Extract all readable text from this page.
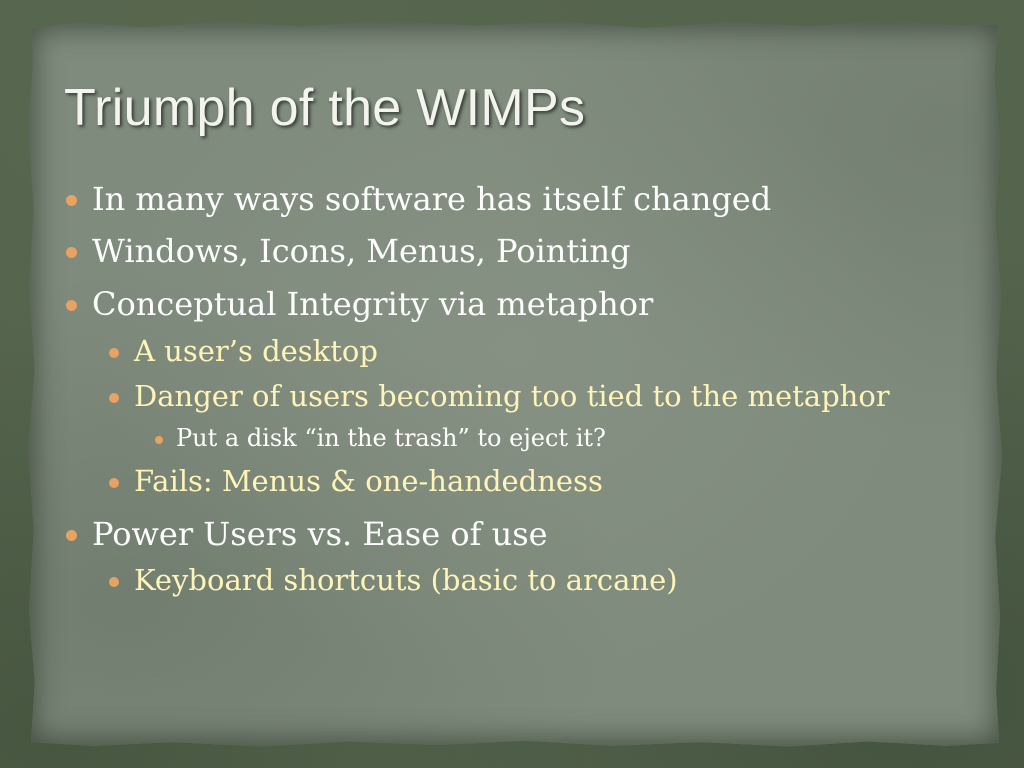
Triumph of the WIMPs
In many ways software has itself changed
Windows, Icons, Menus, Pointing
Conceptual Integrity via metaphor
A user’s desktop
Danger of users becoming too tied to the metaphor
Put a disk “in the trash” to eject it?
Fails: Menus & one-handedness
Power Users vs. Ease of use
Keyboard shortcuts (basic to arcane)
